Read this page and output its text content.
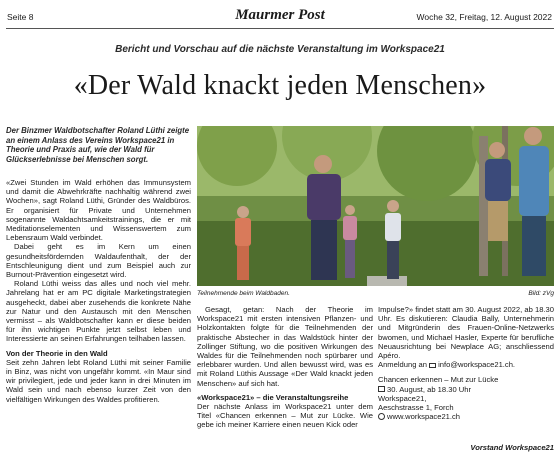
Seite 8	Maurmer Post	Woche 32, Freitag, 12. August 2022
Bericht und Vorschau auf die nächste Veranstaltung im Workspace21
«Der Wald knackt jeden Menschen»
Der Binzmer Waldbotschafter Roland Lüthi zeigte an einem Anlass des Vereins Workspace21 in Theorie und Praxis auf, wie der Wald für Glückserlebnisse bei Menschen sorgt.

«Zwei Stunden im Wald erhöhen das Immunsystem und damit die Abwehrkräfte nachhaltig während zwei Wochen», sagt Roland Lüthi, Gründer des Waldbüros. Er organisiert für Private und Unternehmen sogenannte Waldachtsamkeitstrainings, die er mit Meditationselementen und Wissenswertem zum Lebensraum Wald verbindet.

Dabei geht es im Kern um einen gesundheitsfördernden Waldaufenthalt, der der Entschleunigung dient und zum Beispiel auch zur Burnout-Prävention eingesetzt wird.

Roland Lüthi weiss das alles und noch viel mehr. Jahrelang hat er am PC digitale Marketingstrategien ausgeheckt, dabei aber zusehends die konkrete Nähe zur Natur und den Austausch mit den Menschen vermisst – als Waldbotschafter kann er diese beiden für ihn wichtigen Punkte jetzt selbst leben und Interessierte an seinen Erfahrungen teilhaben lassen.

Von der Theorie in den Wald

Seit zehn Jahren lebt Roland Lüthi mit seiner Familie in Binz, was nicht von ungefähr kommt. «In Maur sind wir privilegiert, jede und jeder kann in drei Minuten im Wald sein und nach ebenso kurzer Zeit von den vielfältigen Wirkungen des Waldes profitieren.

Teilnehmende beim Waldbaden.	Bild: zVg

Gesagt, getan: Nach der Theorie im Workspace21 mit ersten intensiven Pflanzen- und Holzkontakten folgte für die Teilnehmenden der praktische Abstecher in das Waldstück hinter der Zollinger Stiftung, wo die positiven Wirkungen des Waldes für die Teilnehmenden noch spürbarer und erlebbarer wurden. Und allen bewusst wird, was es mit Roland Lüthis Aussage «Der Wald knackt jeden Menschen» auf sich hat.

«Workspace21» – die Veranstaltungsreihe

Der nächste Anlass im Workspace21 unter dem Titel «Chancen erkennen – Mut zur Lücke. Wie gebe ich meiner Karriere einen neuen Kick oder

Impulse?» findet statt am 30. August 2022, ab 18.30 Uhr. Es diskutieren: Claudia Bally, Unternehmerin und Mitgründerin des Frauen-Online-Netzwerks bwomen, und Michael Hasler, Experte für berufliche Neuausrichtung bei Newplace AG; anschliessend Apéro.

Anmeldung an info@workspace21.ch.

Chancen erkennen – Mut zur Lücke

30. August, ab 18.30 Uhr

Workspace21,

Aeschstrasse 1, Forch

www.workspace21.ch

Vorstand Workspace21
